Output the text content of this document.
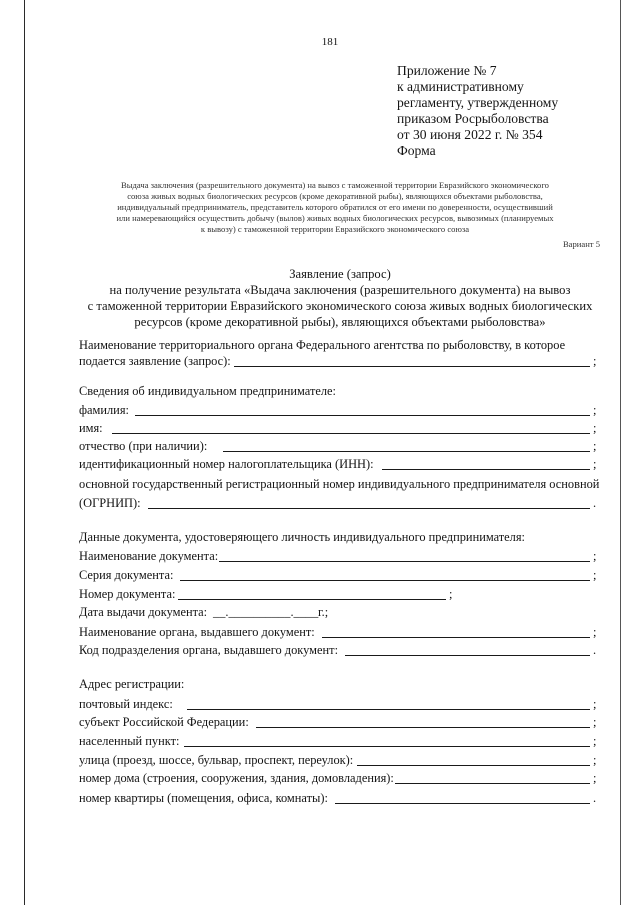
181
Приложение № 7
к административному
регламенту, утвержденному
приказом Росрыболовства
от 30 июня 2022 г. № 354
Форма
Выдача заключения (разрешительного документа) на вывоз с таможенной территории Евразийского экономического
союза живых водных биологических ресурсов (кроме декоративной рыбы), являющихся объектами рыболовства,
индивидуальный предприниматель, представитель которого обратился от его имени по доверенности, осуществивший
или намеревающийся осуществить добычу (вылов) живых водных биологических ресурсов, вывозимых (планируемых
к вывозу) с таможенной территории Евразийского экономического союза
Вариант 5
Заявление (запрос)
на получение результата «Выдача заключения (разрешительного документа) на вывоз
с таможенной территории Евразийского экономического союза живых водных биологических
ресурсов (кроме декоративной рыбы), являющихся объектами рыболовства»
Наименование территориального органа Федерального агентства по рыболовству, в которое
подается заявление (запрос):	;
Сведения об индивидуальном предпринимателе:
фамилия:	;
имя:	;
отчество (при наличии):	;
идентификационный номер налогоплательщика (ИНН):	;
основной государственный регистрационный номер индивидуального предпринимателя основной
(ОГРНИП):	.
Данные документа, удостоверяющего личность индивидуального предпринимателя:
Наименование документа:	;
Серия документа:	;
Номер документа:	;
Дата выдачи документа: __.__________.____ г.;
Наименование органа, выдавшего документ:	;
Код подразделения органа, выдавшего документ:	.
Адрес регистрации:
почтовый индекс:	;
субъект Российской Федерации:	;
населенный пункт:	;
улица (проезд, шоссе, бульвар, проспект, переулок):	;
номер дома (строения, сооружения, здания, домовладения):	;
номер квартиры (помещения, офиса, комнаты):	.
